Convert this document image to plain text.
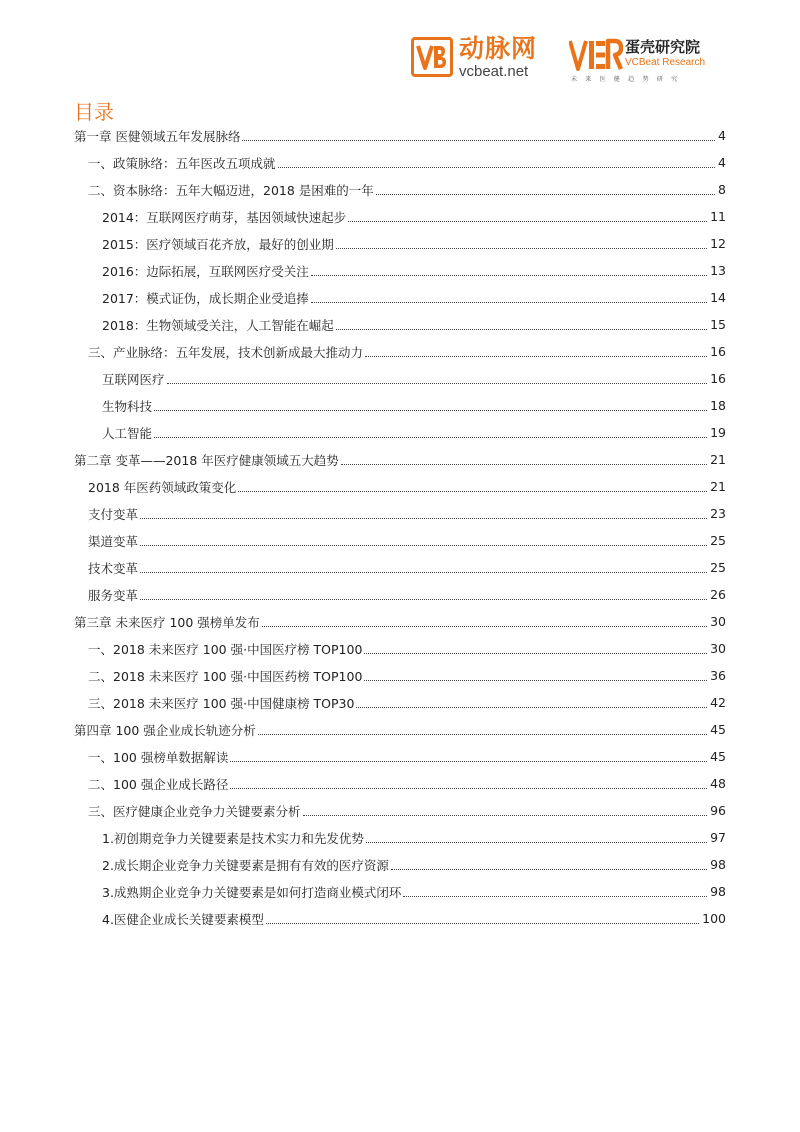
动脉网
vcbeat.net
蛋壳研究院
VCBeat Research
未 来 医 健 趋 势 研 究
目录
第一章 医健领域五年发展脉络	4
一、政策脉络：五年医改五项成就	4
二、资本脉络：五年大幅迈进，2018 是困难的一年	8
2014：互联网医疗萌芽，基因领域快速起步	11
2015：医疗领域百花齐放，最好的创业期	12
2016：边际拓展，互联网医疗受关注	13
2017：模式证伪，成长期企业受追捧	14
2018：生物领域受关注，人工智能在崛起	15
三、产业脉络：五年发展，技术创新成最大推动力	16
互联网医疗	16
生物科技	18
人工智能	19
第二章 变革——2018 年医疗健康领域五大趋势	21
2018 年医药领域政策变化	21
支付变革	23
渠道变革	25
技术变革	25
服务变革	26
第三章 未来医疗 100 强榜单发布	30
一、2018 未来医疗 100 强·中国医疗榜 TOP100	30
二、2018 未来医疗 100 强·中国医药榜 TOP100	36
三、2018 未来医疗 100 强·中国健康榜 TOP30	42
第四章 100 强企业成长轨迹分析	45
一、100 强榜单数据解读	45
二、100 强企业成长路径	48
三、医疗健康企业竞争力关键要素分析	96
1.初创期竞争力关键要素是技术实力和先发优势	97
2.成长期企业竞争力关键要素是拥有有效的医疗资源	98
3.成熟期企业竞争力关键要素是如何打造商业模式闭环	98
4.医健企业成长关键要素模型	100
